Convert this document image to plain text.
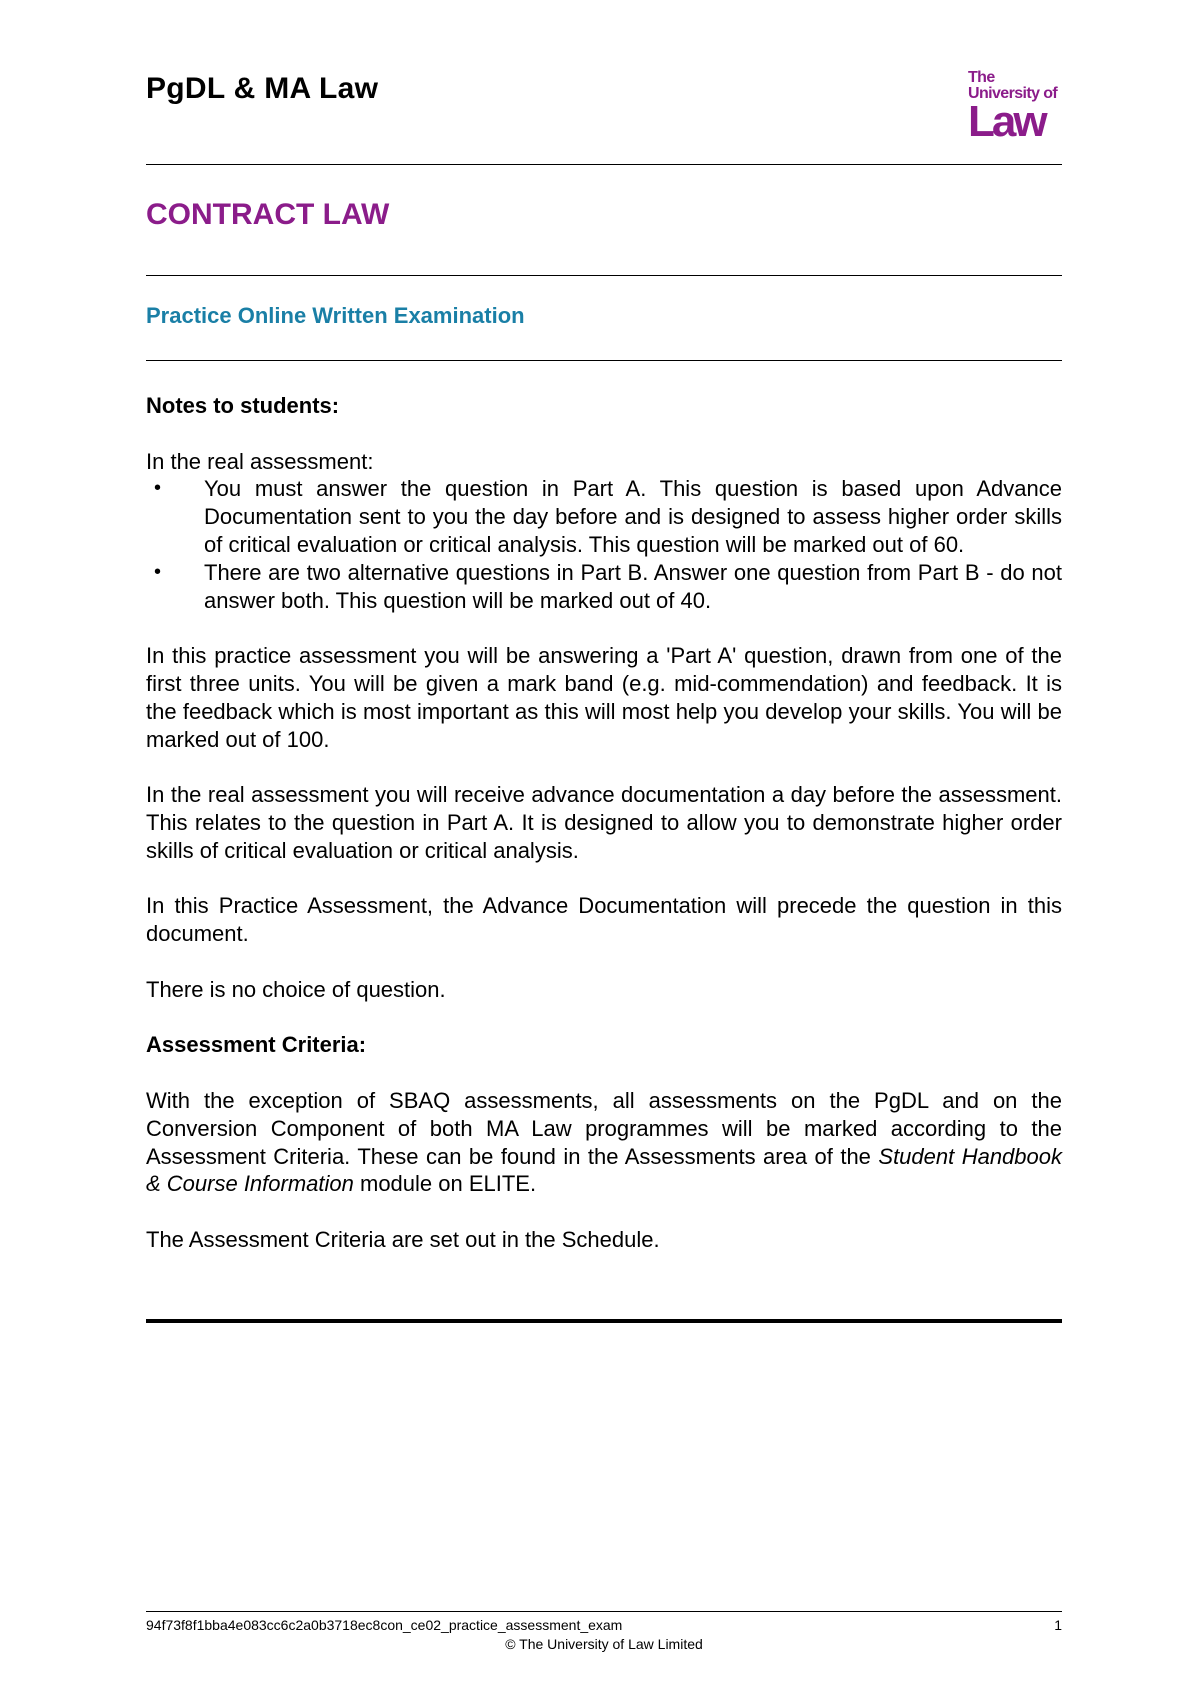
PgDL & MA Law	The
University of
Law
CONTRACT LAW
Practice Online Written Examination

Notes to students:

In the real assessment:
• You must answer the question in Part A. This question is based upon Advance Documentation sent to you the day before and is designed to assess higher order skills of critical evaluation or critical analysis. This question will be marked out of 60.
• There are two alternative questions in Part B. Answer one question from Part B - do not answer both. This question will be marked out of 40.

In this practice assessment you will be answering a 'Part A' question, drawn from one of the first three units. You will be given a mark band (e.g. mid-commendation) and feedback. It is the feedback which is most important as this will most help you develop your skills. You will be marked out of 100.

In the real assessment you will receive advance documentation a day before the assessment. This relates to the question in Part A. It is designed to allow you to demonstrate higher order skills of critical evaluation or critical analysis.

In this Practice Assessment, the Advance Documentation will precede the question in this document.

There is no choice of question.

Assessment Criteria:

With the exception of SBAQ assessments, all assessments on the PgDL and on the Conversion Component of both MA Law programmes will be marked according to the Assessment Criteria. These can be found in the Assessments area of the Student Handbook & Course Information module on ELITE.

The Assessment Criteria are set out in the Schedule.

94f73f8f1bba4e083cc6c2a0b3718ec8con_ce02_practice_assessment_exam	1
© The University of Law Limited
